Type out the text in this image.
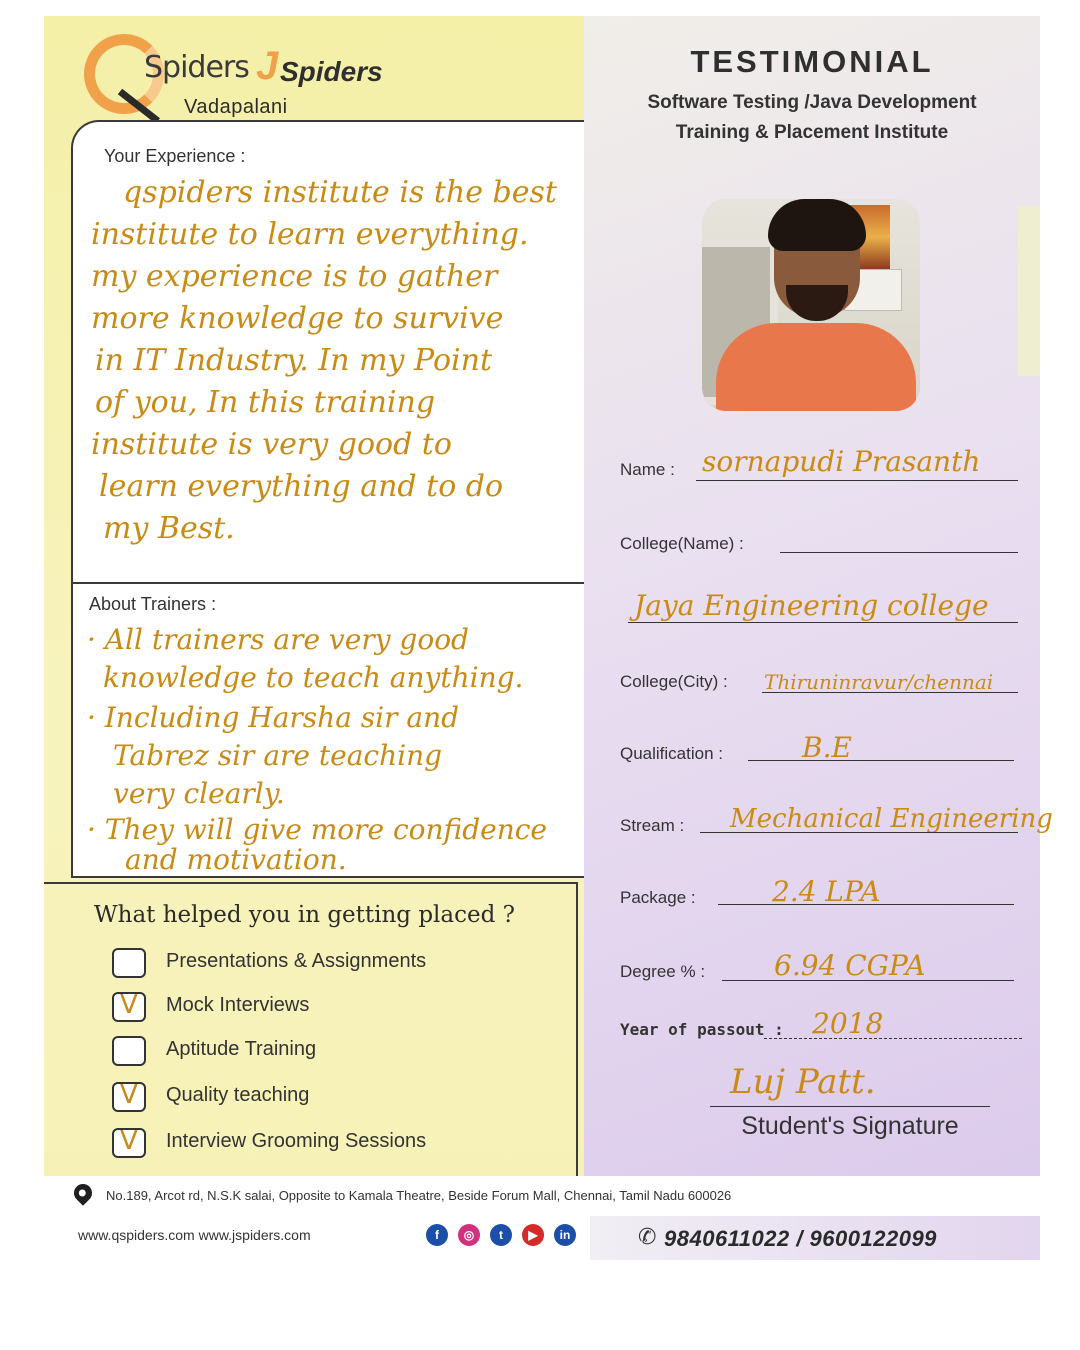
Spiders J Spiders
Vadapalani
Your Experience :
qspiders institute is the best
institute to learn everything.
my experience is to gather
more knowledge to survive
in IT Industry. In my Point
of you, In this training
institute is very good to
learn everything and to do
my Best.
About Trainers :
· All trainers are very good
knowledge to teach anything.
· Including Harsha sir and
Tabrez sir are teaching
very clearly.
· They will give more confidence
and motivation.
What helped you in getting placed ?
Presentations & Assignments
V Mock Interviews
Aptitude Training
V Quality teaching
V Interview Grooming Sessions
TESTIMONIAL
Software Testing /Java Development
Training & Placement Institute
Name : sornapudi Prasanth
College(Name) :
Jaya Engineering college
College(City) : Thiruninravur/chennai
Qualification :	B.E
Stream : Mechanical Engineering
Package :	2.4 LPA
Degree % : 6.94 CGPA
Year of passout : 2018
Luj Patt.
Student's Signature
No.189, Arcot rd, N.S.K salai, Opposite to Kamala Theatre, Beside Forum Mall, Chennai, Tamil Nadu 600026
www.qspiders.com www.jspiders.com	f	◎	t	▶	in	✆ 9840611022 / 9600122099
